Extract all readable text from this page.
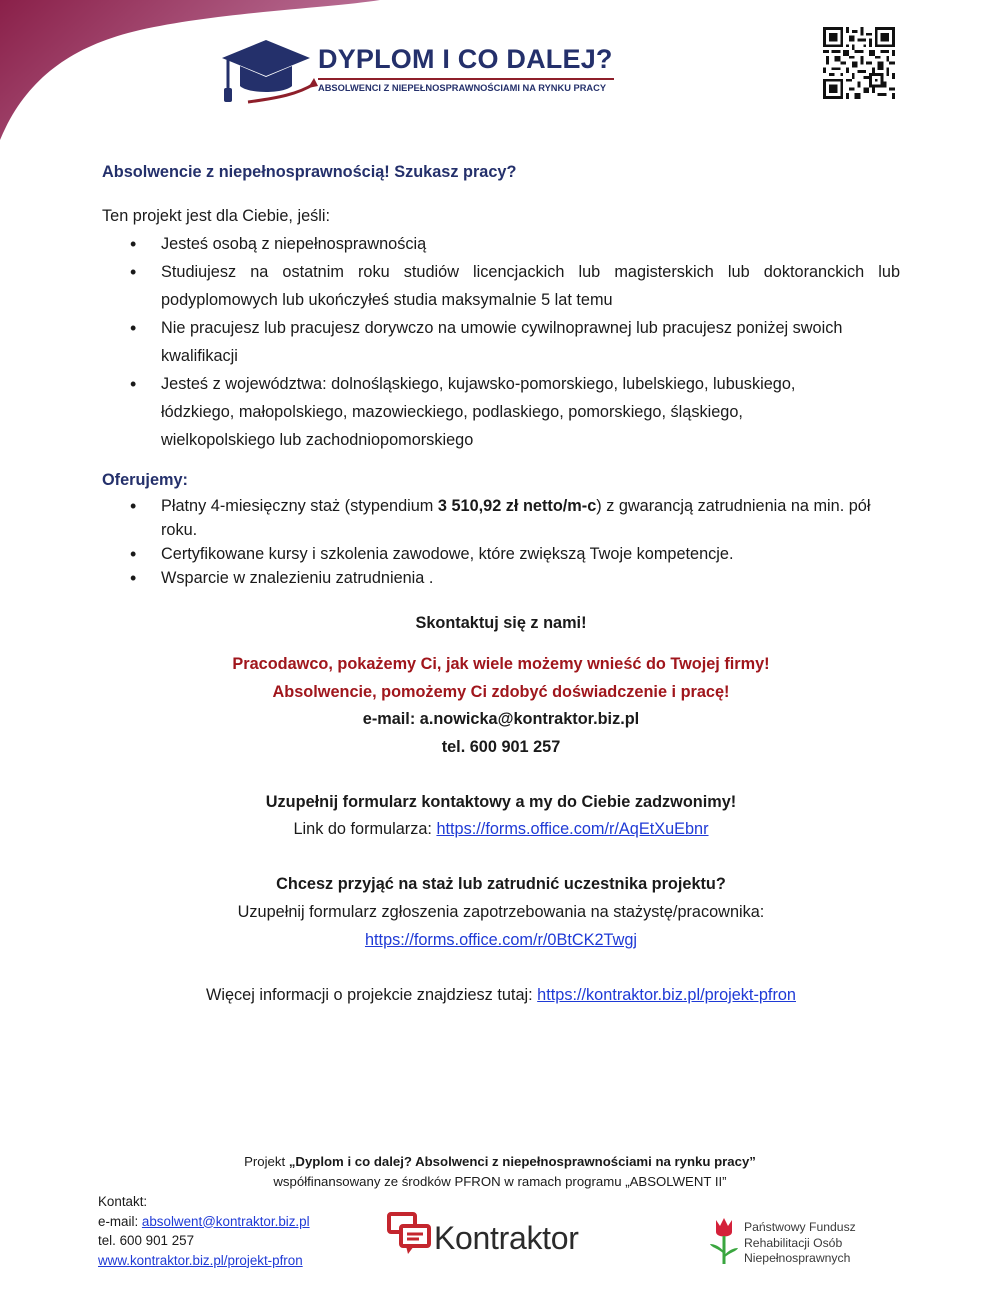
DYPLOM I CO DALEJ?
ABSOLWENCI Z NIEPEŁNOSPRAWNOŚCIAMI NA RYNKU PRACY
Absolwencie z niepełnosprawnością! Szukasz pracy?
Ten projekt jest dla Ciebie, jeśli:
• Jesteś osobą z niepełnosprawnością
• Studiujesz na ostatnim roku studiów licencjackich lub magisterskich lub doktoranckich lub podyplomowych lub ukończyłeś studia maksymalnie 5 lat temu
• Nie pracujesz lub pracujesz dorywczo na umowie cywilnoprawnej lub pracujesz poniżej swoich kwalifikacji
• Jesteś z województwa: dolnośląskiego, kujawsko-pomorskiego, lubelskiego, lubuskiego, łódzkiego, małopolskiego, mazowieckiego, podlaskiego, pomorskiego, śląskiego, wielkopolskiego lub zachodniopomorskiego
Oferujemy:
• Płatny 4-miesięczny staż (stypendium 3 510,92 zł netto/m-c) z gwarancją zatrudnienia na min. pół roku.
• Certyfikowane kursy i szkolenia zawodowe, które zwiększą Twoje kompetencje.
• Wsparcie w znalezieniu zatrudnienia .
Skontaktuj się z nami!
Pracodawco, pokażemy Ci, jak wiele możemy wnieść do Twojej firmy!
Absolwencie, pomożemy Ci zdobyć doświadczenie i pracę!
e-mail: a.nowicka@kontraktor.biz.pl
tel. 600 901 257
Uzupełnij formularz kontaktowy a my do Ciebie zadzwonimy!
Link do formularza: https://forms.office.com/r/AqEtXuEbnr
Chcesz przyjąć na staż lub zatrudnić uczestnika projektu?
Uzupełnij formularz zgłoszenia zapotrzebowania na stażystę/pracownika:
https://forms.office.com/r/0BtCK2Twgj
Więcej informacji o projekcie znajdziesz tutaj: https://kontraktor.biz.pl/projekt-pfron
Projekt „Dyplom i co dalej? Absolwenci z niepełnosprawnościami na rynku pracy”
współfinansowany ze środków PFRON w ramach programu „ABSOLWENT II”
Kontakt:
e-mail: absolwent@kontraktor.biz.pl
tel. 600 901 257
www.kontraktor.biz.pl/projekt-pfron
Kontraktor	Państwowy Fundusz
Rehabilitacji Osób
Niepełnosprawnych
